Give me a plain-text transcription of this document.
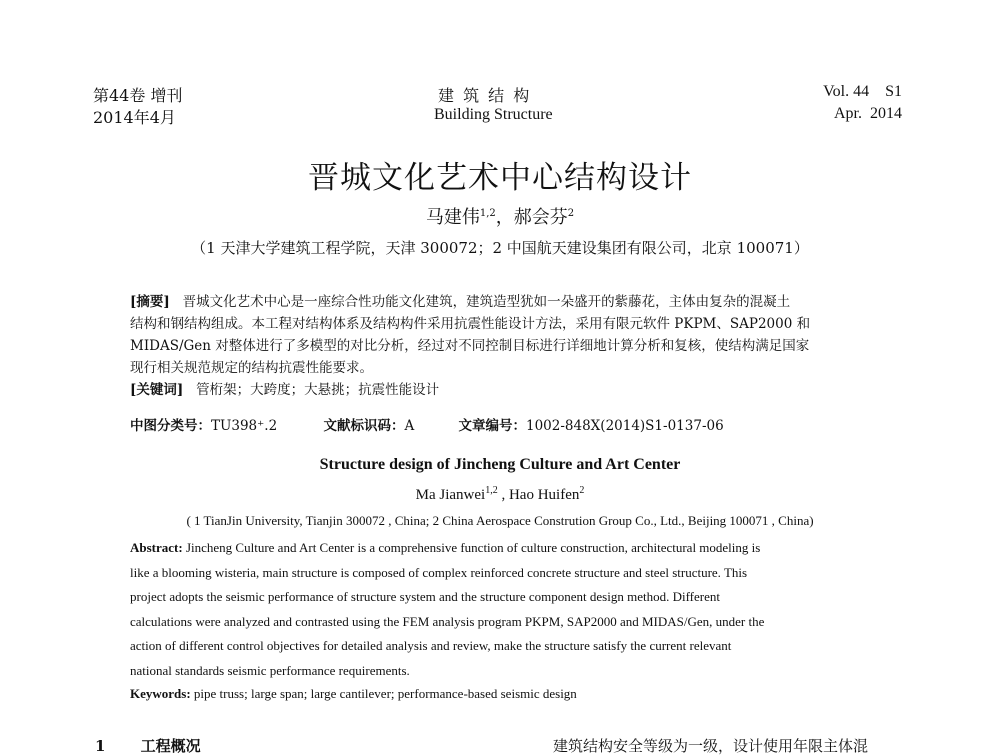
第44卷 增刊
2014年4月
建 筑 结 构
Building Structure
Vol. 44    S1
Apr.  2014
晋城文化艺术中心结构设计
马建伟$^{1,2}$，郝会芬$^2$
（1 天津大学建筑工程学院，天津 300072；2 中国航天建设集团有限公司，北京 100071）
[摘要] 晋城文化艺术中心是一座综合性功能文化建筑，建筑造型犹如一朵盛开的紫藤花，主体由复杂的混凝土
结构和钢结构组成。本工程对结构体系及结构构件采用抗震性能设计方法，采用有限元软件 PKPM、SAP2000 和
MIDAS/Gen 对整体进行了多模型的对比分析，经过对不同控制目标进行详细地计算分析和复核，使结构满足国家
现行相关规范规定的结构抗震性能要求。
[关键词] 管桁架；大跨度；大悬挑；抗震性能设计
中图分类号：TU398⁺.2	文献标识码：A	文章编号：1002-848X(2014)S1-0137-06
Structure design of Jincheng Culture and Art Center
Ma Jianwei$^{1,2}$ , Hao Huifen$^2$
( 1 TianJin University, Tianjin 300072 , China; 2 China Aerospace Constrution Group Co., Ltd., Beijing 100071 , China)
Abstract: Jincheng Culture and Art Center is a comprehensive function of culture construction, architectural modeling is
like a blooming wisteria, main structure is composed of complex reinforced concrete structure and steel structure. This
project adopts the seismic performance of structure system and the structure component design method. Different
calculations were analyzed and contrasted using the FEM analysis program PKPM, SAP2000 and MIDAS/Gen, under the
action of different control objectives for detailed analysis and review, make the structure satisfy the current relevant
national standards seismic performance requirements.
Keywords: pipe truss; large span; large cantilever; performance-based seismic design
1 工程概况	建筑结构安全等级为一级，设计使用年限主体混
